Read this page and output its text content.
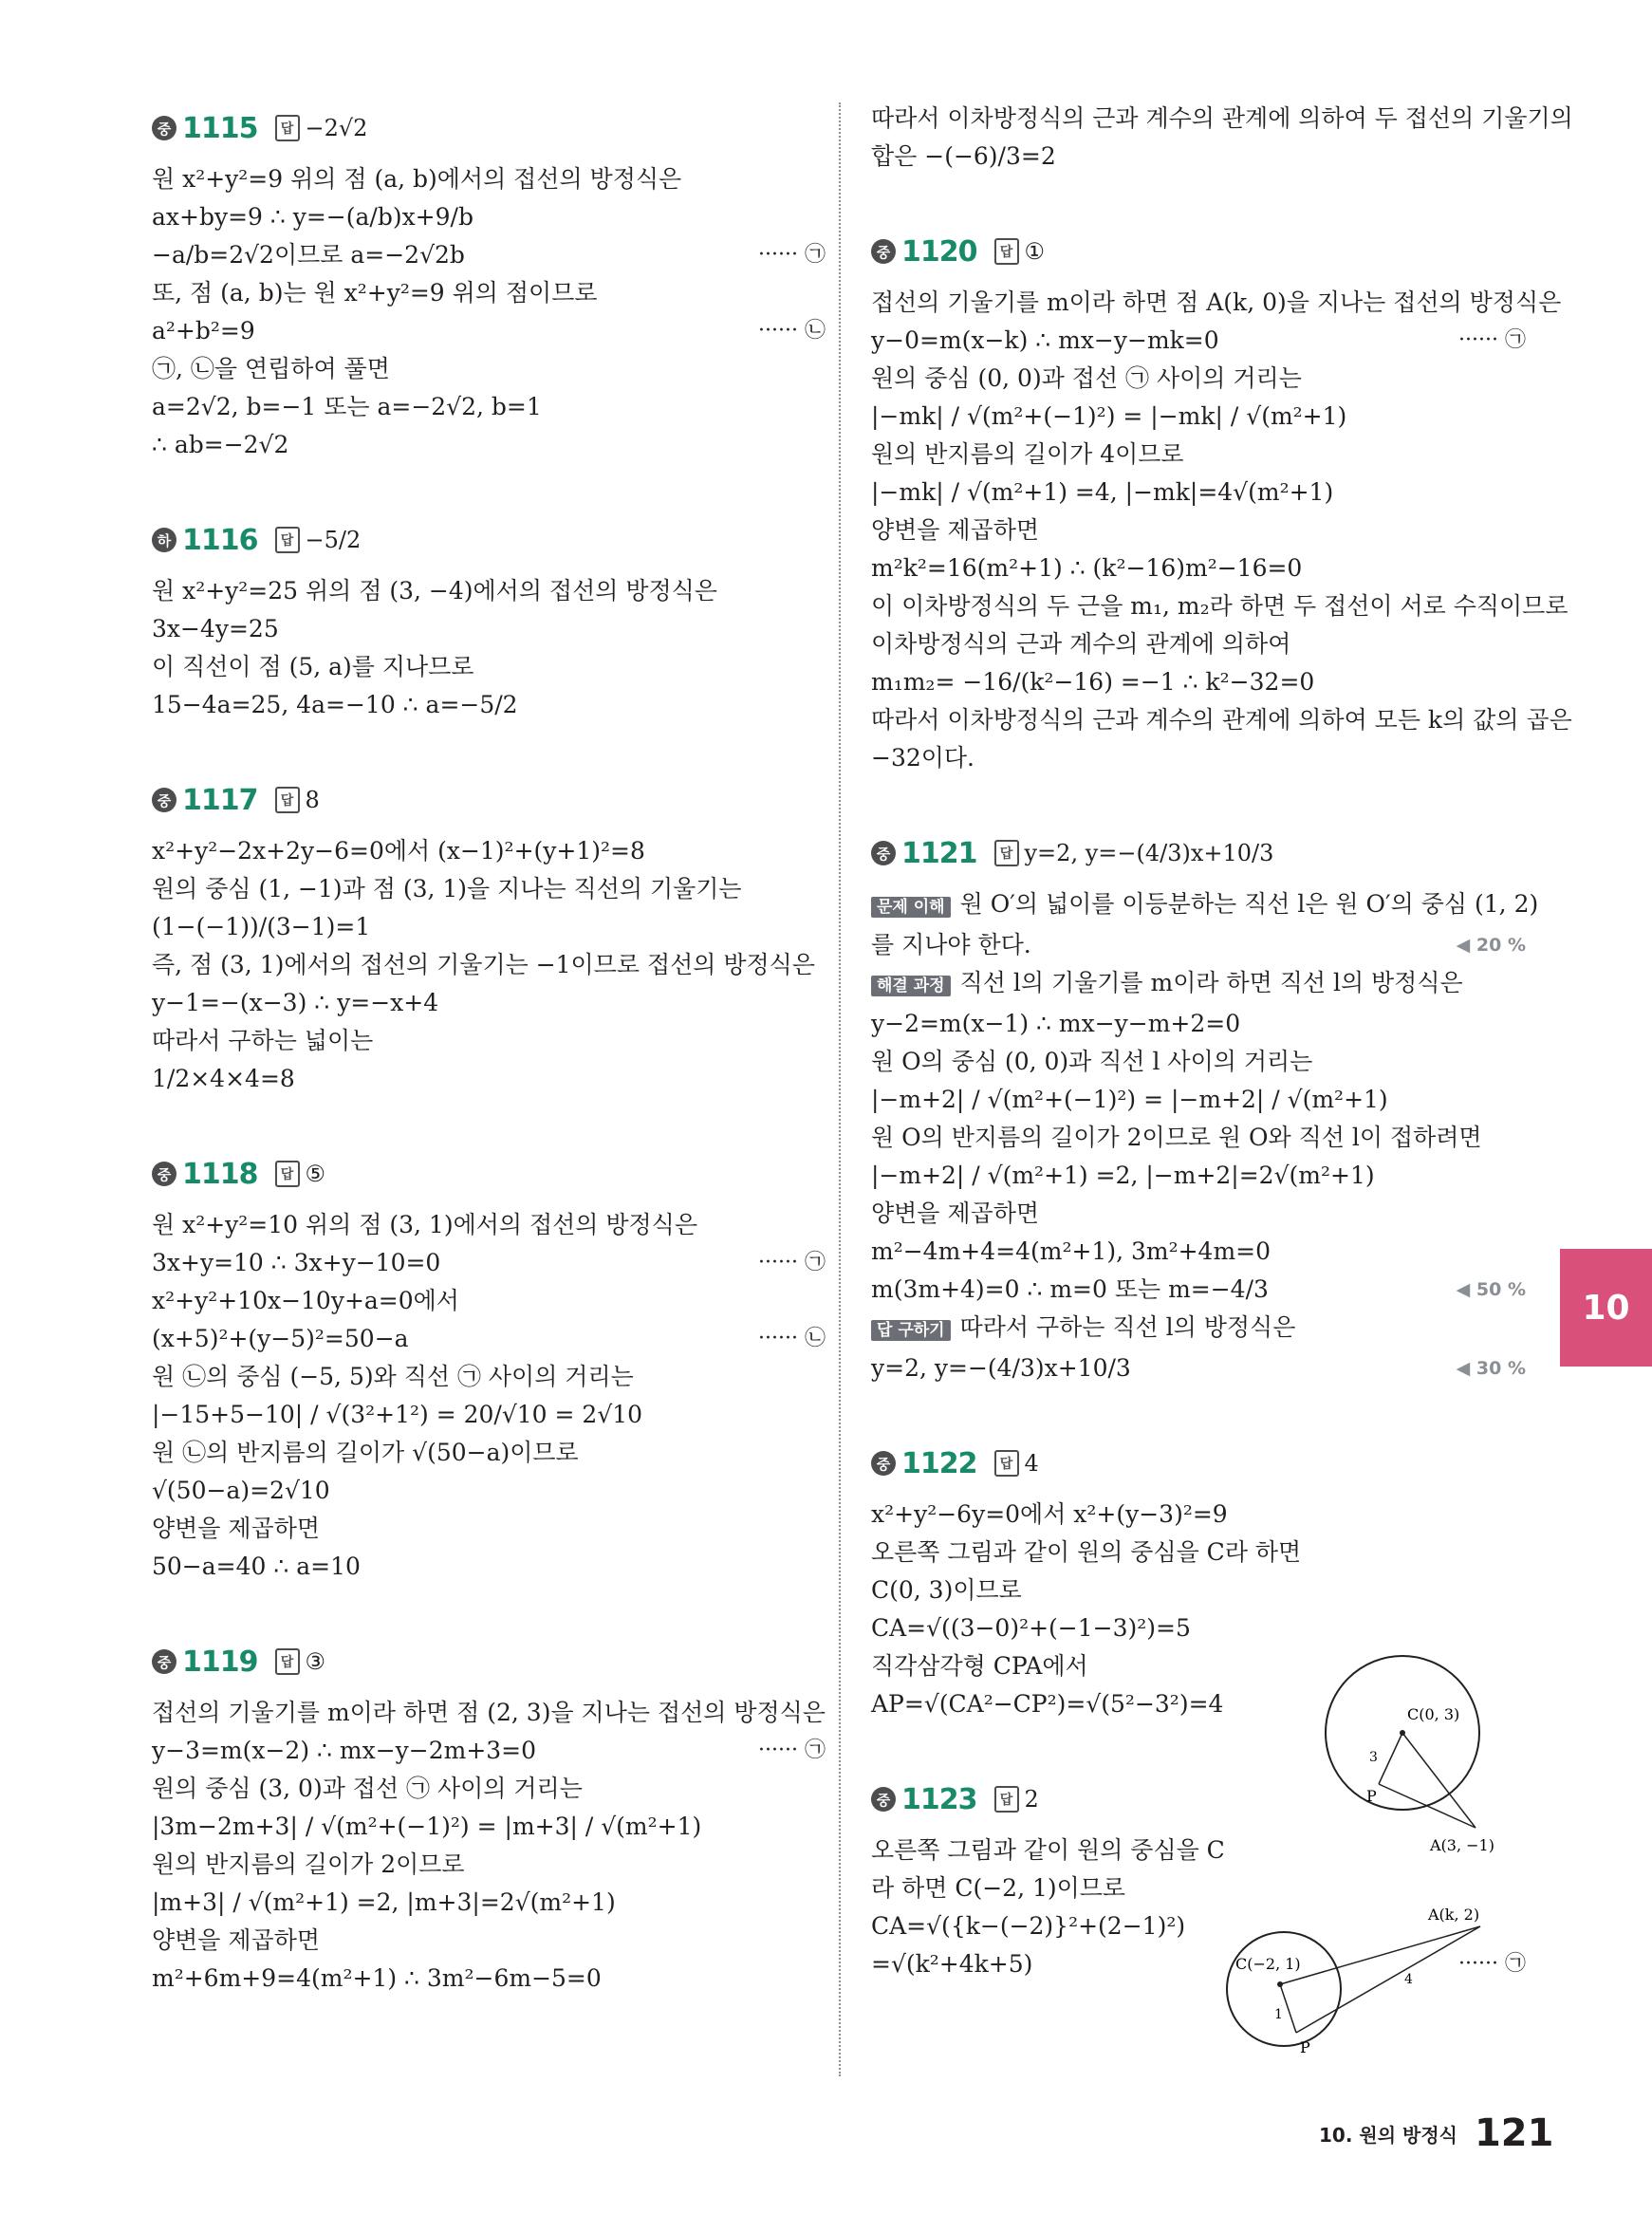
중 1115	답 −2√2
원 x²+y²=9 위의 점 (a, b)에서의 접선의 방정식은
ax+by=9 ∴ y=−(a/b)x+9/b
−a/b=2√2이므로 a=−2√2b	······ ㉠
또, 점 (a, b)는 원 x²+y²=9 위의 점이므로
a²+b²=9	······ ㉡
㉠, ㉡을 연립하여 풀면
a=2√2, b=−1 또는 a=−2√2, b=1
∴ ab=−2√2
하 1116	답 −5/2
원 x²+y²=25 위의 점 (3, −4)에서의 접선의 방정식은
3x−4y=25
이 직선이 점 (5, a)를 지나므로
15−4a=25, 4a=−10 ∴ a=−5/2
중 1117	답 8
x²+y²−2x+2y−6=0에서 (x−1)²+(y+1)²=8
원의 중심 (1, −1)과 점 (3, 1)을 지나는 직선의 기울기는
(1−(−1))/(3−1)=1
즉, 점 (3, 1)에서의 접선의 기울기는 −1이므로 접선의 방정식은
y−1=−(x−3) ∴ y=−x+4
따라서 구하는 넓이는
1/2×4×4=8
중 1118	답 ⑤
원 x²+y²=10 위의 점 (3, 1)에서의 접선의 방정식은
3x+y=10 ∴ 3x+y−10=0	······ ㉠
x²+y²+10x−10y+a=0에서
(x+5)²+(y−5)²=50−a	······ ㉡
원 ㉡의 중심 (−5, 5)와 직선 ㉠ 사이의 거리는
|−15+5−10| / √(3²+1²) = 20/√10 = 2√10
원 ㉡의 반지름의 길이가 √(50−a)이므로
√(50−a)=2√10
양변을 제곱하면
50−a=40 ∴ a=10
중 1119	답 ③
접선의 기울기를 m이라 하면 점 (2, 3)을 지나는 접선의 방정식은
y−3=m(x−2) ∴ mx−y−2m+3=0	······ ㉠
원의 중심 (3, 0)과 접선 ㉠ 사이의 거리는
|3m−2m+3| / √(m²+(−1)²) = |m+3| / √(m²+1)
원의 반지름의 길이가 2이므로
|m+3| / √(m²+1) =2, |m+3|=2√(m²+1)
양변을 제곱하면
m²+6m+9=4(m²+1) ∴ 3m²−6m−5=0
따라서 이차방정식의 근과 계수의 관계에 의하여 두 접선의 기울기의
합은 −(−6)/3=2
중 1120	답 ①
접선의 기울기를 m이라 하면 점 A(k, 0)을 지나는 접선의 방정식은
y−0=m(x−k) ∴ mx−y−mk=0	······ ㉠
원의 중심 (0, 0)과 접선 ㉠ 사이의 거리는
|−mk| / √(m²+(−1)²) = |−mk| / √(m²+1)
원의 반지름의 길이가 4이므로
|−mk| / √(m²+1) =4, |−mk|=4√(m²+1)
양변을 제곱하면
m²k²=16(m²+1) ∴ (k²−16)m²−16=0
이 이차방정식의 두 근을 m₁, m₂라 하면 두 접선이 서로 수직이므로
이차방정식의 근과 계수의 관계에 의하여
m₁m₂= −16/(k²−16) =−1 ∴ k²−32=0
따라서 이차방정식의 근과 계수의 관계에 의하여 모든 k의 값의 곱은
−32이다.
중 1121	답 y=2, y=−(4/3)x+10/3
문제 이해 원 O′의 넓이를 이등분하는 직선 l은 원 O′의 중심 (1, 2)
를 지나야 한다.	◀ 20 %
해결 과정 직선 l의 기울기를 m이라 하면 직선 l의 방정식은
y−2=m(x−1) ∴ mx−y−m+2=0
원 O의 중심 (0, 0)과 직선 l 사이의 거리는
|−m+2| / √(m²+(−1)²) = |−m+2| / √(m²+1)
원 O의 반지름의 길이가 2이므로 원 O와 직선 l이 접하려면
|−m+2| / √(m²+1) =2, |−m+2|=2√(m²+1)
양변을 제곱하면
m²−4m+4=4(m²+1), 3m²+4m=0
m(3m+4)=0 ∴ m=0 또는 m=−4/3	◀ 50 %
답 구하기 따라서 구하는 직선 l의 방정식은
y=2, y=−(4/3)x+10/3	◀ 30 %
중 1122	답 4
x²+y²−6y=0에서 x²+(y−3)²=9
오른쪽 그림과 같이 원의 중심을 C라 하면
C(0, 3)이므로
CA=√((3−0)²+(−1−3)²)=5
직각삼각형 CPA에서
AP=√(CA²−CP²)=√(5²−3²)=4
중 1123	답 2
오른쪽 그림과 같이 원의 중심을 C
라 하면 C(−2, 1)이므로
CA=√({k−(−2)}²+(2−1)²)
=√(k²+4k+5)	······ ㉠
C(0, 3)
3
P
A(3, −1)
A(k, 2)
C(−2, 1)
1
4
P
10
10. 원의 방정식 121
